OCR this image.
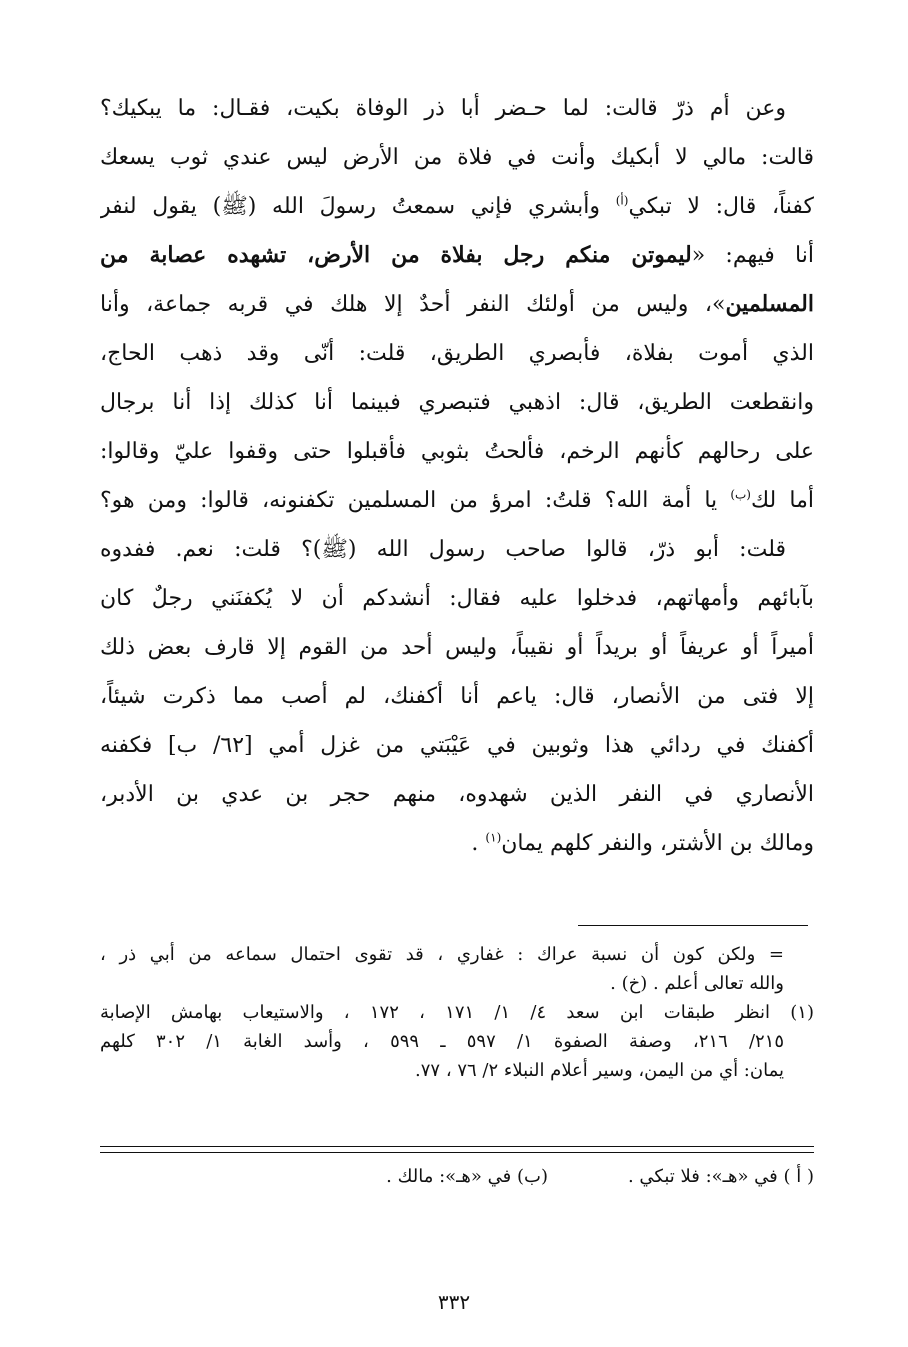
وعن أم ذرّ قالت: لما حـضر أبا ذر الوفاة بكيت، فقـال: ما يبكيك؟
قالت: مالي لا أبكيك وأنت في فلاة من الأرض ليس عندي ثوب يسعك
كفناً، قال: لا تبكي$^{(أ)}$ وأبشري فإني سمعتُ رسولَ الله (ﷺ) يقول لنفر
أنا فيهم: «ليموتن منكم رجل بفلاة من الأرض، تشهده عصابة من
المسلمين»، وليس من أولئك النفر أحدٌ إلا هلك في قربه جماعة، وأنا
الذي أموت بفلاة، فأبصري الطريق، قلت: أنّى وقد ذهب الحاج،
وانقطعت الطريق، قال: اذهبي فتبصري فبينما أنا كذلك إذا أنا برجال
على رحالهم كأنهم الرخم، فألحتُ بثوبي فأقبلوا حتى وقفوا عليّ وقالوا:
أما لك$^{(ب)}$ يا أمة الله؟ قلتُ: امرؤ من المسلمين تكفنونه، قالوا: ومن هو؟
قلت: أبو ذرّ، قالوا صاحب رسول الله (ﷺ)؟ قلت: نعم. ففدوه
بآبائهم وأمهاتهم، فدخلوا عليه فقال: أنشدكم أن لا يُكفنَني رجلٌ كان
أميراً أو عريفاً أو بريداً أو نقيباً، وليس أحد من القوم إلا قارف بعض ذلك
إلا فتى من الأنصار، قال: ياعم أنا أكفنك، لم أصب مما ذكرت شيئاً،
أكفنك في ردائي هذا وثوبين في عَيْبَتي من غزل أمي [٦٢/ ب] فكفنه
الأنصاري في النفر الذين شهدوه، منهم حجر بن عدي بن الأدبر،
ومالك بن الأشتر، والنفر كلهم يمان$^{(١)}$ .
= ولكن كون أن نسبة عراك : غفاري ، قد تقوى احتمال سماعه من أبي ذر ،
والله تعالى أعلم . (خ) .
(١) انظر طبقات ابن سعد ٤/ ١/ ١٧١ ، ١٧٢ ، والاستيعاب بهامش الإصابة
٢١٥/ ٢١٦، وصفة الصفوة ١/ ٥٩٧ ـ ٥٩٩ ، وأسد الغابة ١/ ٣٠٢ كلهم
يمان: أي من اليمن، وسير أعلام النبلاء ٢/ ٧٦ ، ٧٧.
( أ ) في «هـ»: فلا تبكي .(ب) في «هـ»: مالك .
٣٣٢
